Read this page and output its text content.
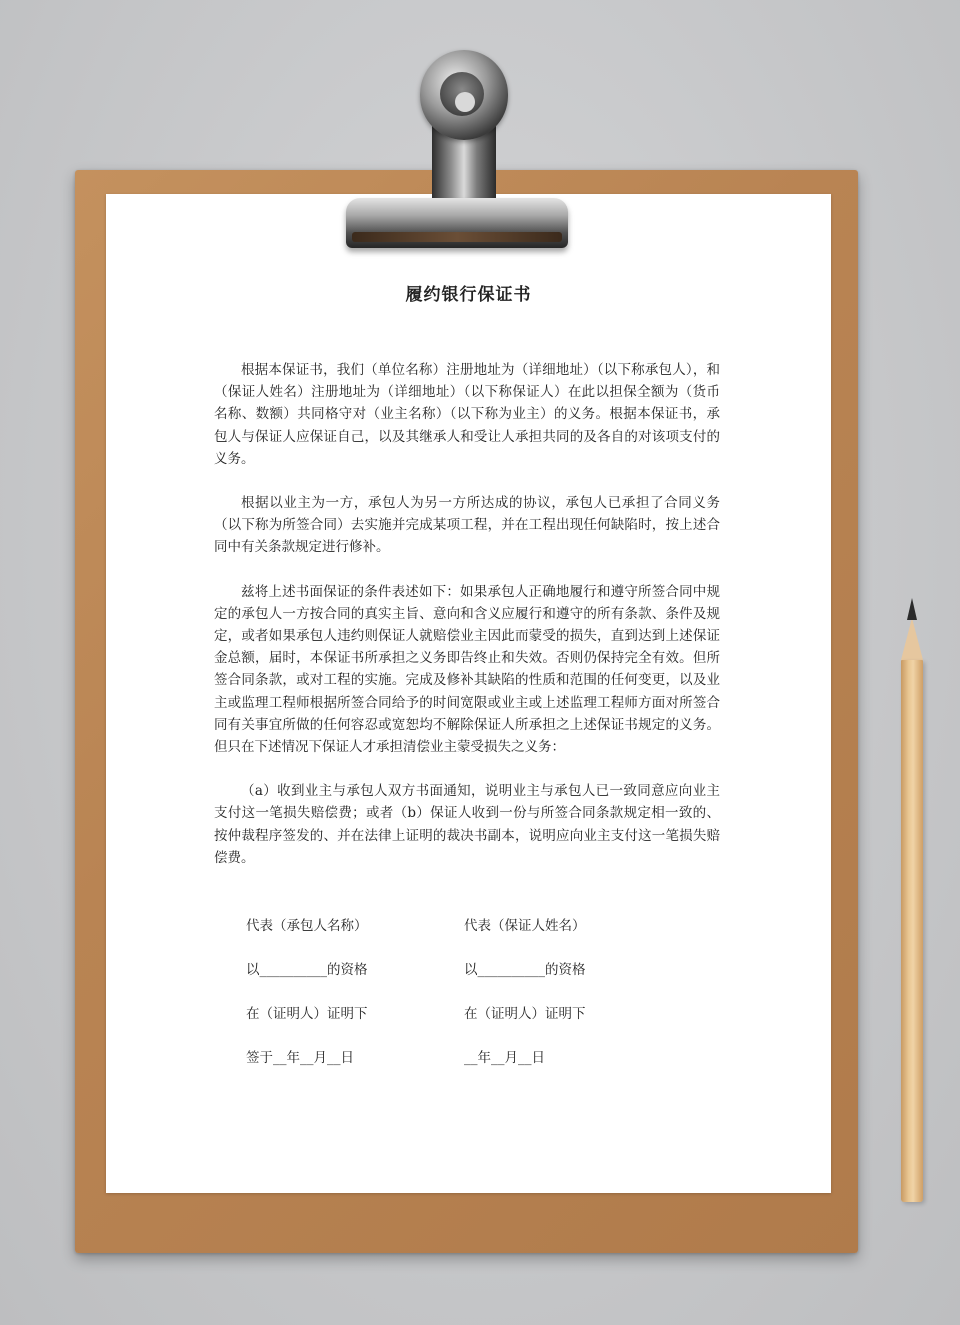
履约银行保证书

根据本保证书，我们（单位名称）注册地址为（详细地址）（以下称承包人），和（保证人姓名）注册地址为（详细地址）（以下称保证人）在此以担保全额为（货币名称、数额）共同格守对（业主名称）（以下称为业主）的义务。根据本保证书，承包人与保证人应保证自己，以及其继承人和受让人承担共同的及各自的对该项支付的义务。

根据以业主为一方，承包人为另一方所达成的协议，承包人已承担了合同义务（以下称为所签合同）去实施并完成某项工程，并在工程出现任何缺陷时，按上述合同中有关条款规定进行修补。

兹将上述书面保证的条件表述如下：如果承包人正确地履行和遵守所签合同中规定的承包人一方按合同的真实主旨、意向和含义应履行和遵守的所有条款、条件及规定，或者如果承包人违约则保证人就赔偿业主因此而蒙受的损失，直到达到上述保证金总额，届时，本保证书所承担之义务即告终止和失效。否则仍保持完全有效。但所签合同条款，或对工程的实施。完成及修补其缺陷的性质和范围的任何变更，以及业主或监理工程师根据所签合同给予的时间宽限或业主或上述监理工程师方面对所签合同有关事宜所做的任何容忍或宽恕均不解除保证人所承担之上述保证书规定的义务。但只在下述情况下保证人才承担清偿业主蒙受损失之义务：

（a）收到业主与承包人双方书面通知，说明业主与承包人已一致同意应向业主支付这一笔损失赔偿费；或者（b）保证人收到一份与所签合同条款规定相一致的、按仲裁程序签发的、并在法律上证明的裁决书副本，说明应向业主支付这一笔损失赔偿费。

代表（承包人名称）	代表（保证人姓名）
以__________的资格	以__________的资格
在（证明人）证明下	在（证明人）证明下
签于__年__月__日	__年__月__日
